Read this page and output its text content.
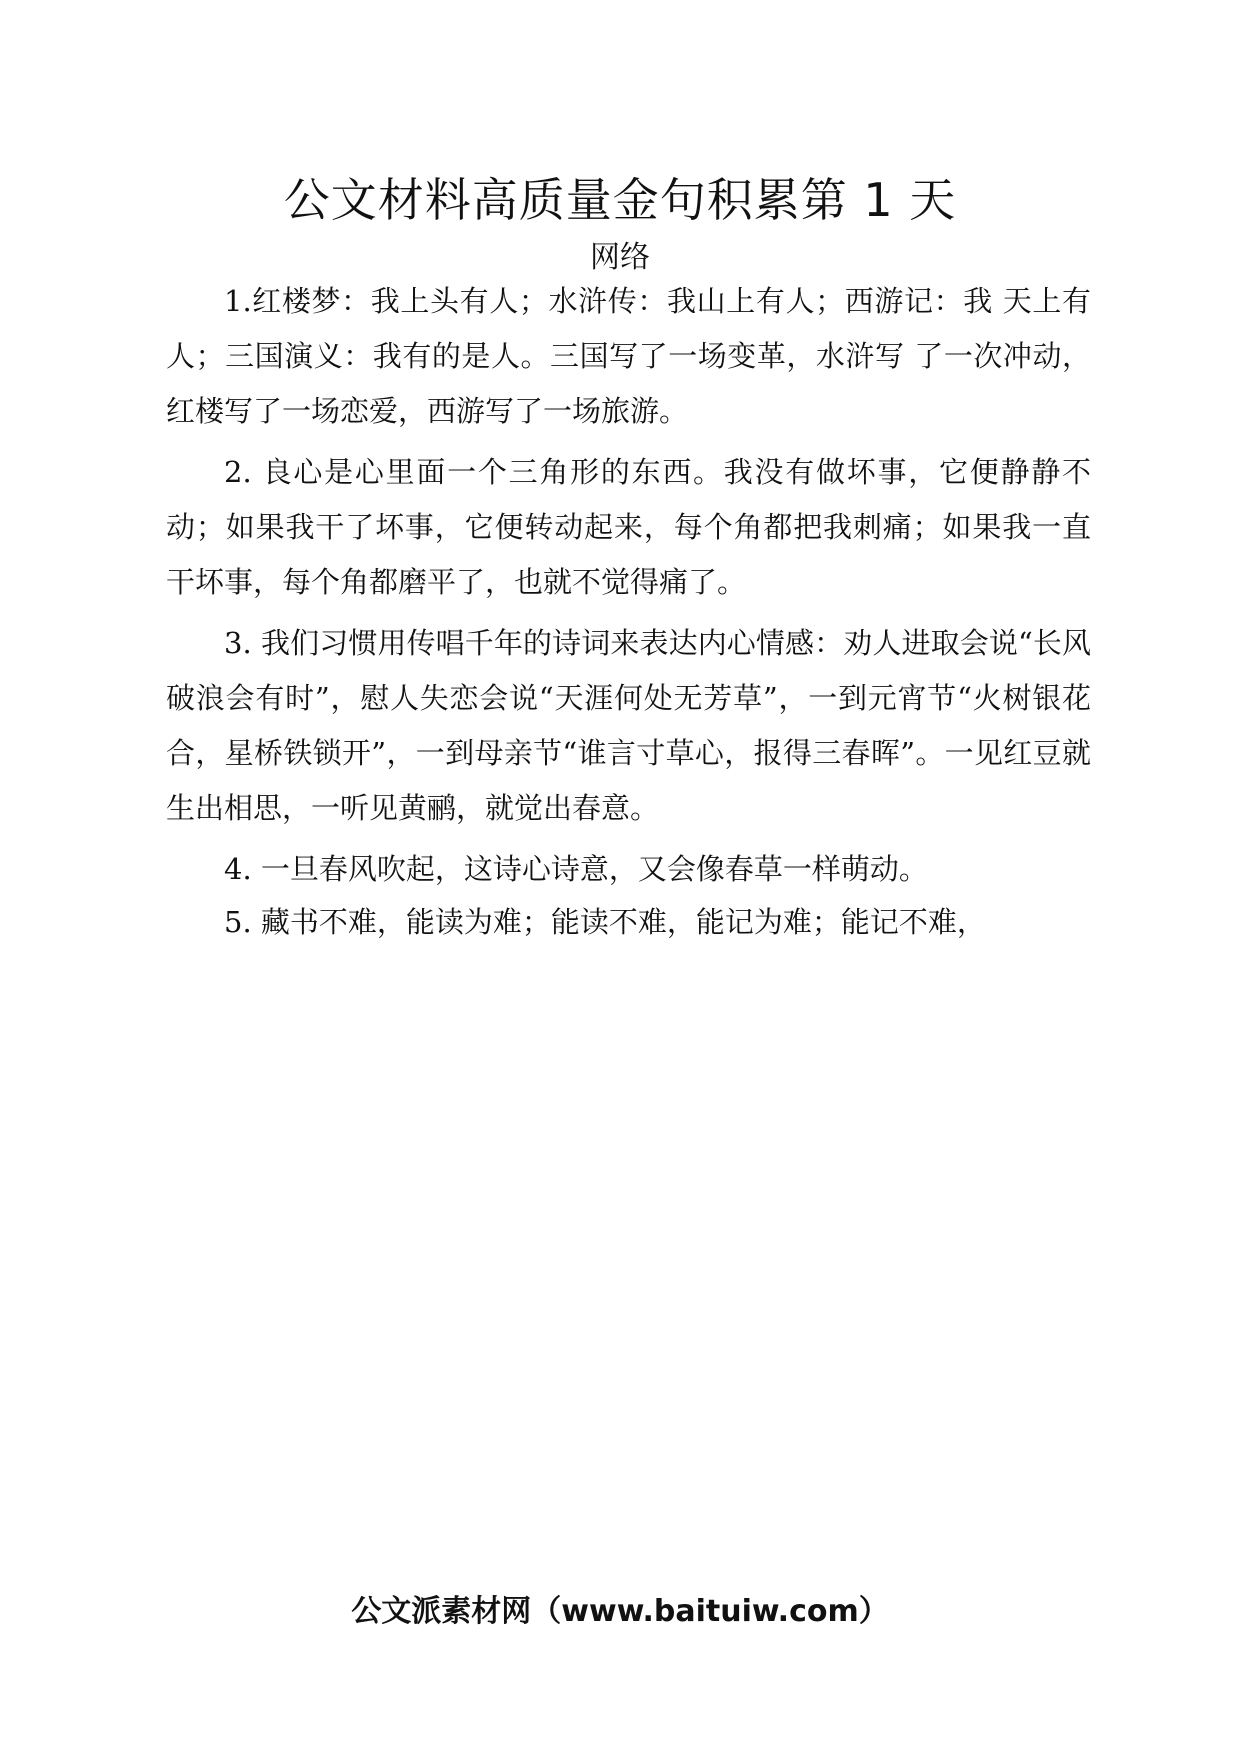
公文材料高质量金句积累第 1 天
网络

1.红楼梦：我上头有人；水浒传：我山上有人；西游记：我 天上有人；三国演义：我有的是人。三国写了一场变革，水浒写 了一次冲动，红楼写了一场恋爱，西游写了一场旅游。

2. 良心是心里面一个三角形的东西。我没有做坏事，它便静静不动；如果我干了坏事，它便转动起来，每个角都把我刺痛；如果我一直干坏事，每个角都磨平了，也就不觉得痛了。

3. 我们习惯用传唱千年的诗词来表达内心情感：劝人进取会说“长风破浪会有时”，慰人失恋会说“天涯何处无芳草”，一到元宵节“火树银花合，星桥铁锁开”，一到母亲节“谁言寸草心，报得三春晖”。一见红豆就生出相思，一听见黄鹂，就觉出春意。

4. 一旦春风吹起，这诗心诗意，又会像春草一样萌动。

5. 藏书不难，能读为难；能读不难，能记为难；能记不难，

公文派素材网（www.baituiw.com）
